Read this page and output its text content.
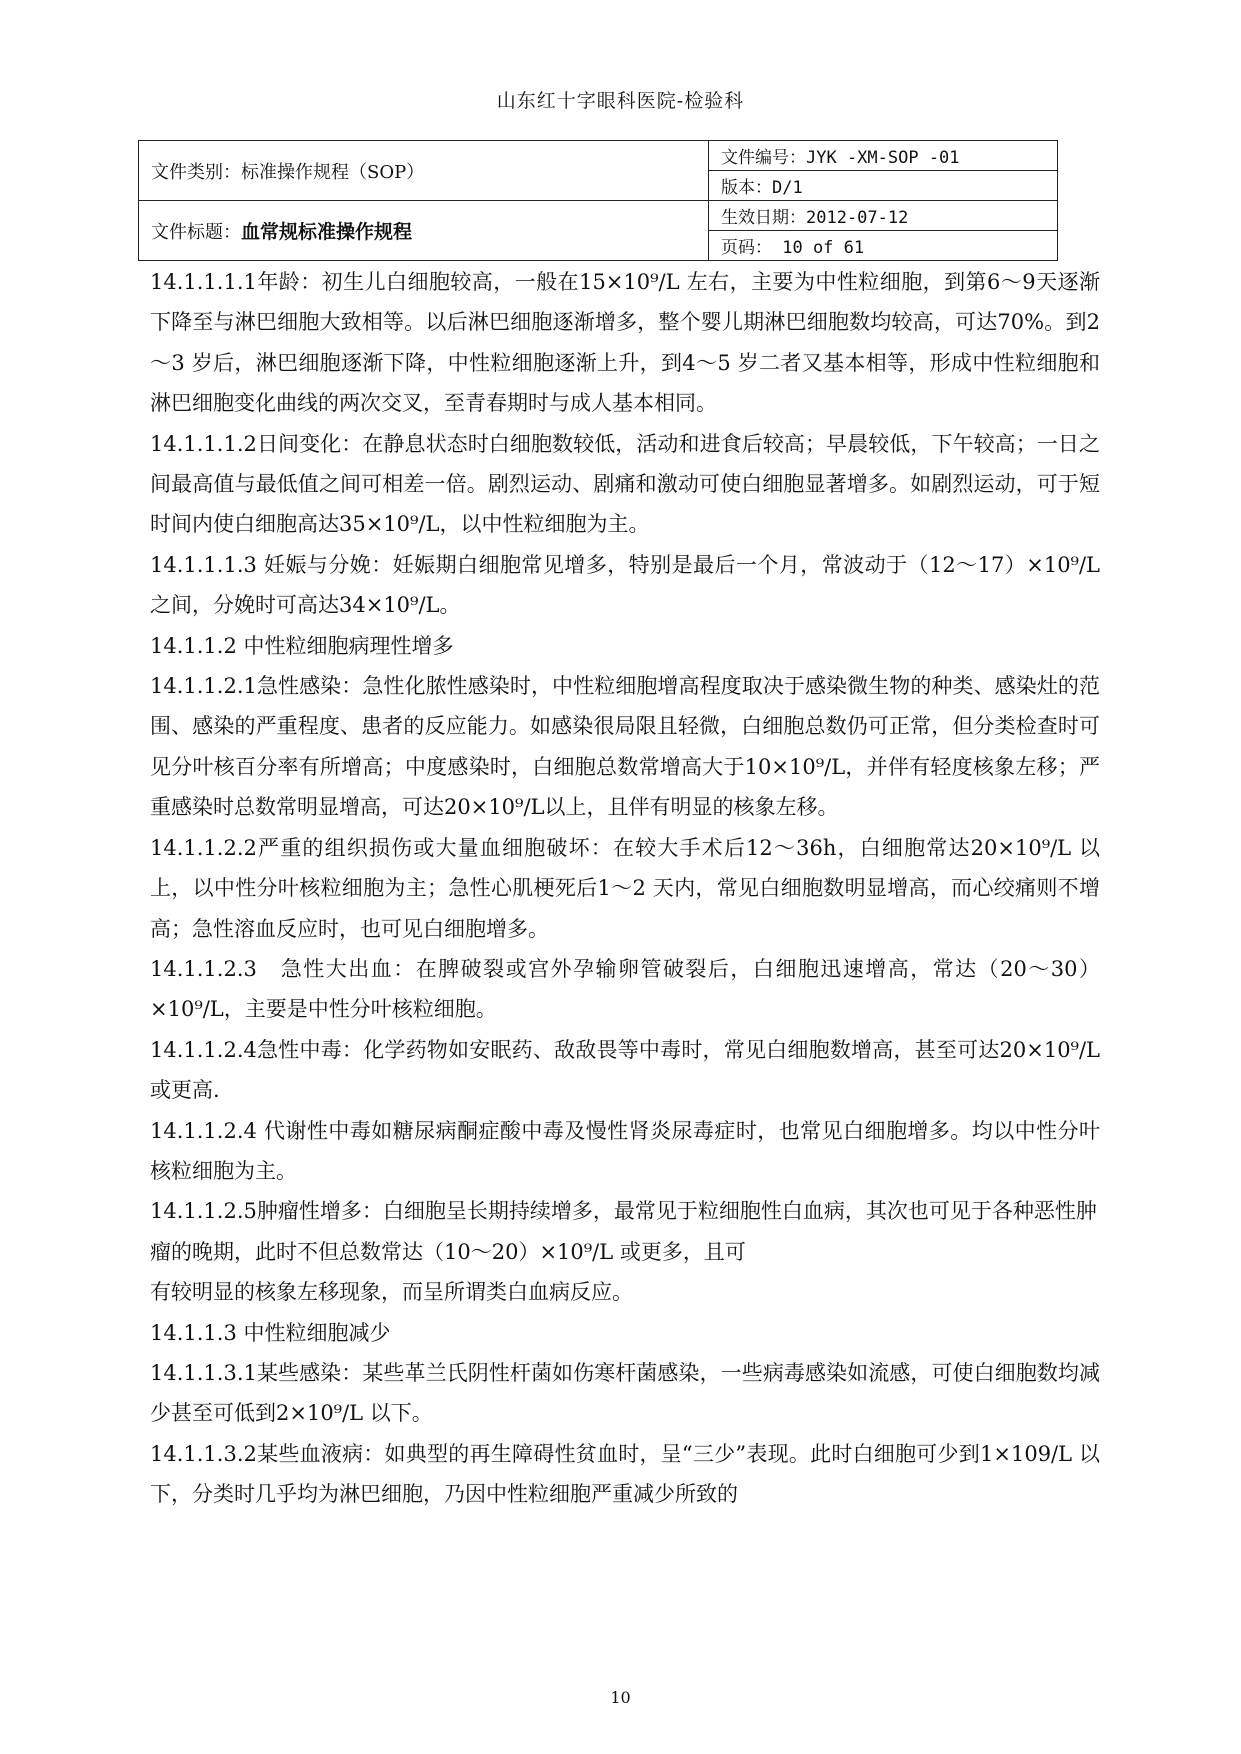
山东红十字眼科医院-检验科
文件类别：标准操作规程（SOP）	文件编号：JYK -XM-SOP -01
	版本：D/1
文件标题：血常规标准操作规程	生效日期：2012-07-12
	页码： 10 of 61

14.1.1.1.1年龄：初生儿白细胞较高，一般在15×10⁹/L 左右，主要为中性粒细胞，到第6～9天逐渐下降至与淋巴细胞大致相等。以后淋巴细胞逐渐增多，整个婴儿期淋巴细胞数均较高，可达70%。到2～3 岁后，淋巴细胞逐渐下降，中性粒细胞逐渐上升，到4～5 岁二者又基本相等，形成中性粒细胞和淋巴细胞变化曲线的两次交叉，至青春期时与成人基本相同。

14.1.1.1.2日间变化：在静息状态时白细胞数较低，活动和进食后较高；早晨较低，下午较高；一日之间最高值与最低值之间可相差一倍。剧烈运动、剧痛和激动可使白细胞显著增多。如剧烈运动，可于短时间内使白细胞高达35×10⁹/L，以中性粒细胞为主。

14.1.1.1.3 妊娠与分娩：妊娠期白细胞常见增多，特别是最后一个月，常波动于（12～17）×10⁹/L 之间，分娩时可高达34×10⁹/L。

14.1.1.2 中性粒细胞病理性增多

14.1.1.2.1急性感染：急性化脓性感染时，中性粒细胞增高程度取决于感染微生物的种类、感染灶的范围、感染的严重程度、患者的反应能力。如感染很局限且轻微，白细胞总数仍可正常，但分类检查时可见分叶核百分率有所增高；中度感染时，白细胞总数常增高大于10×10⁹/L，并伴有轻度核象左移；严重感染时总数常明显增高，可达20×10⁹/L以上，且伴有明显的核象左移。

14.1.1.2.2严重的组织损伤或大量血细胞破坏：在较大手术后12～36h，白细胞常达20×10⁹/L 以上，以中性分叶核粒细胞为主；急性心肌梗死后1～2 天内，常见白细胞数明显增高，而心绞痛则不增高；急性溶血反应时，也可见白细胞增多。

14.1.1.2.3　急性大出血：在脾破裂或宫外孕输卵管破裂后，白细胞迅速增高，常达（20～30）×10⁹/L，主要是中性分叶核粒细胞。

14.1.1.2.4急性中毒：化学药物如安眠药、敌敌畏等中毒时，常见白细胞数增高，甚至可达20×10⁹/L 或更高.

14.1.1.2.4 代谢性中毒如糖尿病酮症酸中毒及慢性肾炎尿毒症时，也常见白细胞增多。均以中性分叶核粒细胞为主。

14.1.1.2.5肿瘤性增多：白细胞呈长期持续增多，最常见于粒细胞性白血病，其次也可见于各种恶性肿瘤的晚期，此时不但总数常达（10～20）×10⁹/L 或更多，且可

有较明显的核象左移现象，而呈所谓类白血病反应。

14.1.1.3 中性粒细胞减少

14.1.1.3.1某些感染：某些革兰氏阴性杆菌如伤寒杆菌感染，一些病毒感染如流感，可使白细胞数均减少甚至可低到2×10⁹/L 以下。

14.1.1.3.2某些血液病：如典型的再生障碍性贫血时，呈“三少”表现。此时白细胞可少到1×109/L 以下，分类时几乎均为淋巴细胞，乃因中性粒细胞严重减少所致的

10
